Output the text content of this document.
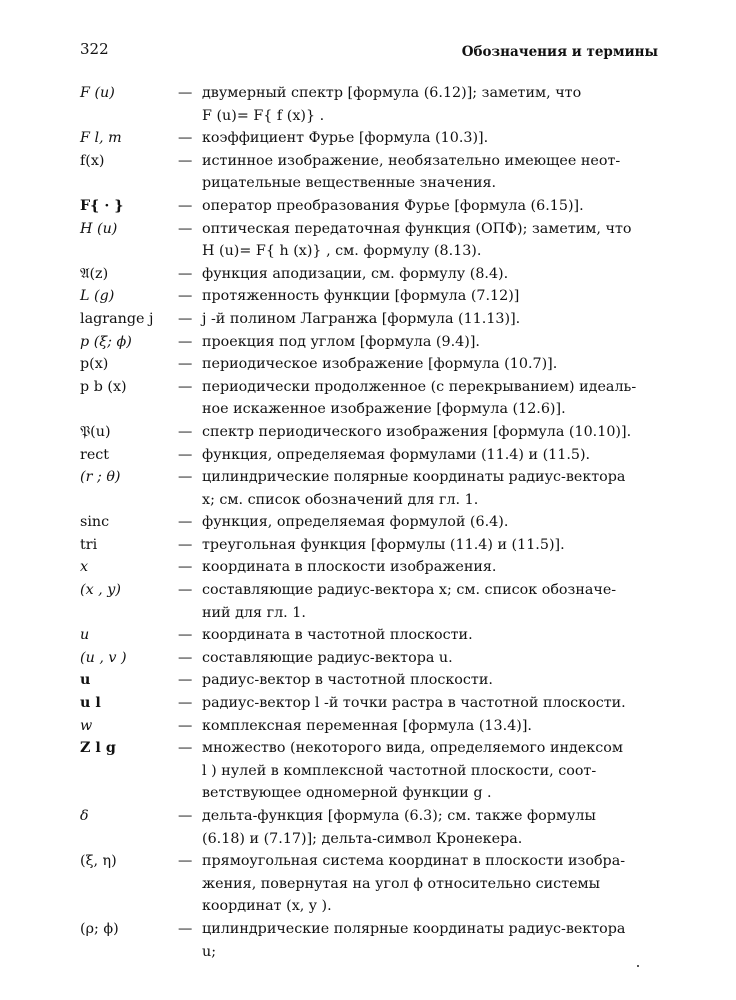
322	Обозначения и термины
F (u)	— двумерный спектр [формула (6.12)]; заметим, что
F (u)= F{ f (x)} .
F l, m	— коэффициент Фурье [формула (10.3)].
f(x)	— истинное изображение, необязательно имеющее неот-
рицательные вещественные значения.
F{ · }	— оператор преобразования Фурье [формула (6.15)].
H (u)	— оптическая передаточная функция (ОПФ); заметим, что
H (u)= F{ h (x)} , см. формулу (8.13).
𝔄(z)	— функция аподизации, см. формулу (8.4).
L (g)	— протяженность функции [формула (7.12)]
lagrange j	— j -й полином Лагранжа [формула (11.13)].
p (ξ; ϕ)	— проекция под углом [формула (9.4)].
p(x)	— периодическое изображение [формула (10.7)].
p b (x)	— периодически продолженное (с перекрыванием) идеаль-
ное искаженное изображение [формула (12.6)].
𝔓(u)	— спектр периодического изображения [формула (10.10)].
rect	— функция, определяемая формулами (11.4) и (11.5).
(r ; θ)	— цилиндрические полярные координаты радиус-вектора
x; см. список обозначений для гл. 1.
sinc	— функция, определяемая формулой (6.4).
tri	— треугольная функция [формулы (11.4) и (11.5)].
x	— координата в плоскости изображения.
(x , y)	— составляющие радиус-вектора x; см. список обозначе-
ний для гл. 1.
u	— координата в частотной плоскости.
(u , v )	— составляющие радиус-вектора u.
u	— радиус-вектор в частотной плоскости.
u l	— радиус-вектор l -й точки растра в частотной плоскости.
w	— комплексная переменная [формула (13.4)].
Z l g	— множество (некоторого вида, определяемого индексом
l ) нулей в комплексной частотной плоскости, соот-
ветствующее одномерной функции g .
δ	— дельта-функция [формула (6.3); см. также формулы
(6.18) и (7.17)]; дельта-символ Кронекера.
(ξ, η)	— прямоугольная система координат в плоскости изобра-
жения, повернутая на угол ϕ относительно системы
координат (x, y ).
(ρ; ϕ)	— цилиндрические полярные координаты радиус-вектора
u;
